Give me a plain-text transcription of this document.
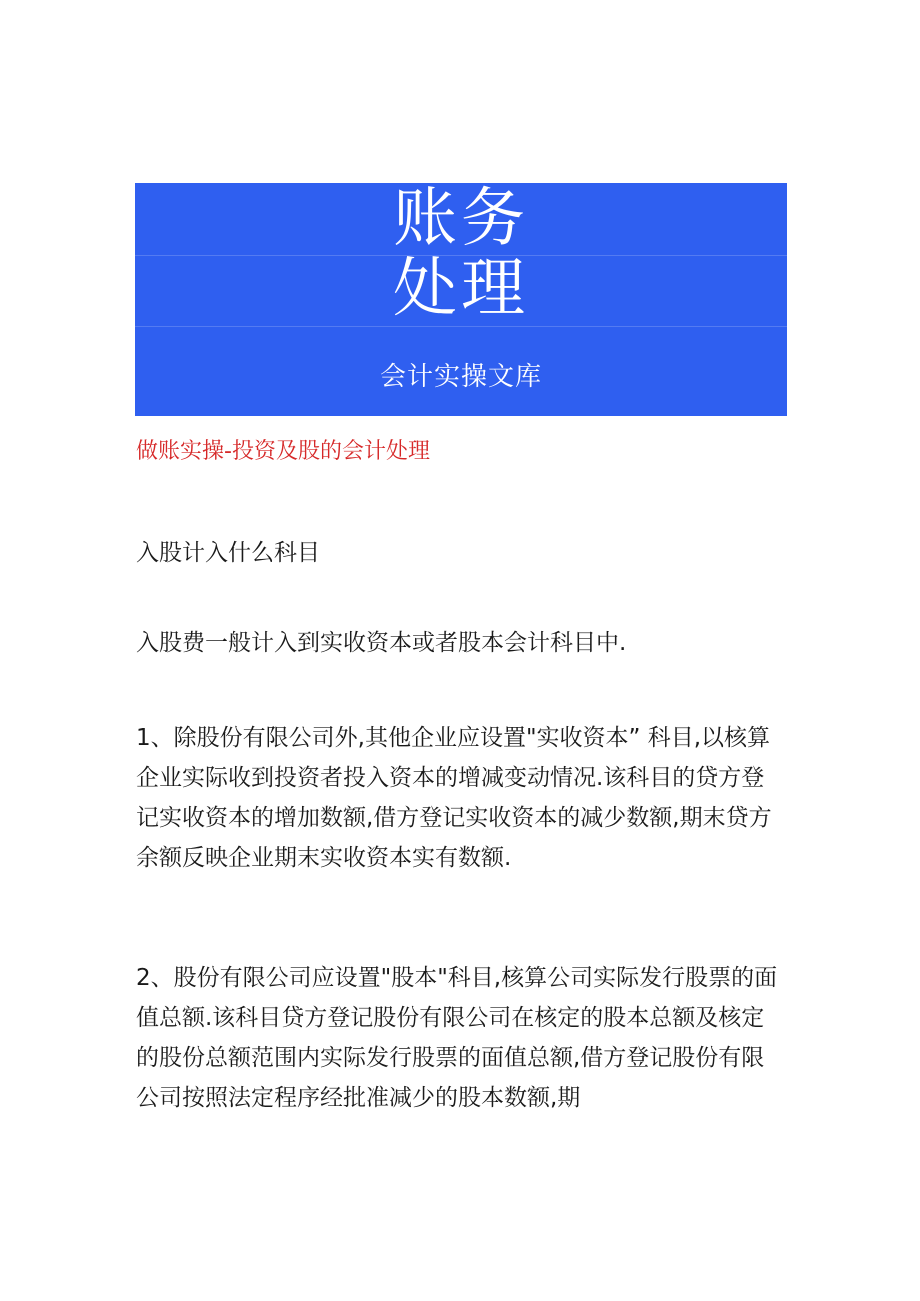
账务
处理
会计实操文库
做账实操-投资及股的会计处理
入股计入什么科目
入股费一般计入到实收资本或者股本会计科目中.
1、除股份有限公司外,其他企业应设置"实收资本” 科目,以核算
企业实际收到投资者投入资本的增减变动情况.该科目的贷方登
记实收资本的增加数额,借方登记实收资本的减少数额,期末贷方
余额反映企业期末实收资本实有数额.
2、股份有限公司应设置"股本"科目,核算公司实际发行股票的面
值总额.该科目贷方登记股份有限公司在核定的股本总额及核定
的股份总额范围内实际发行股票的面值总额,借方登记股份有限
公司按照法定程序经批准减少的股本数额,期
